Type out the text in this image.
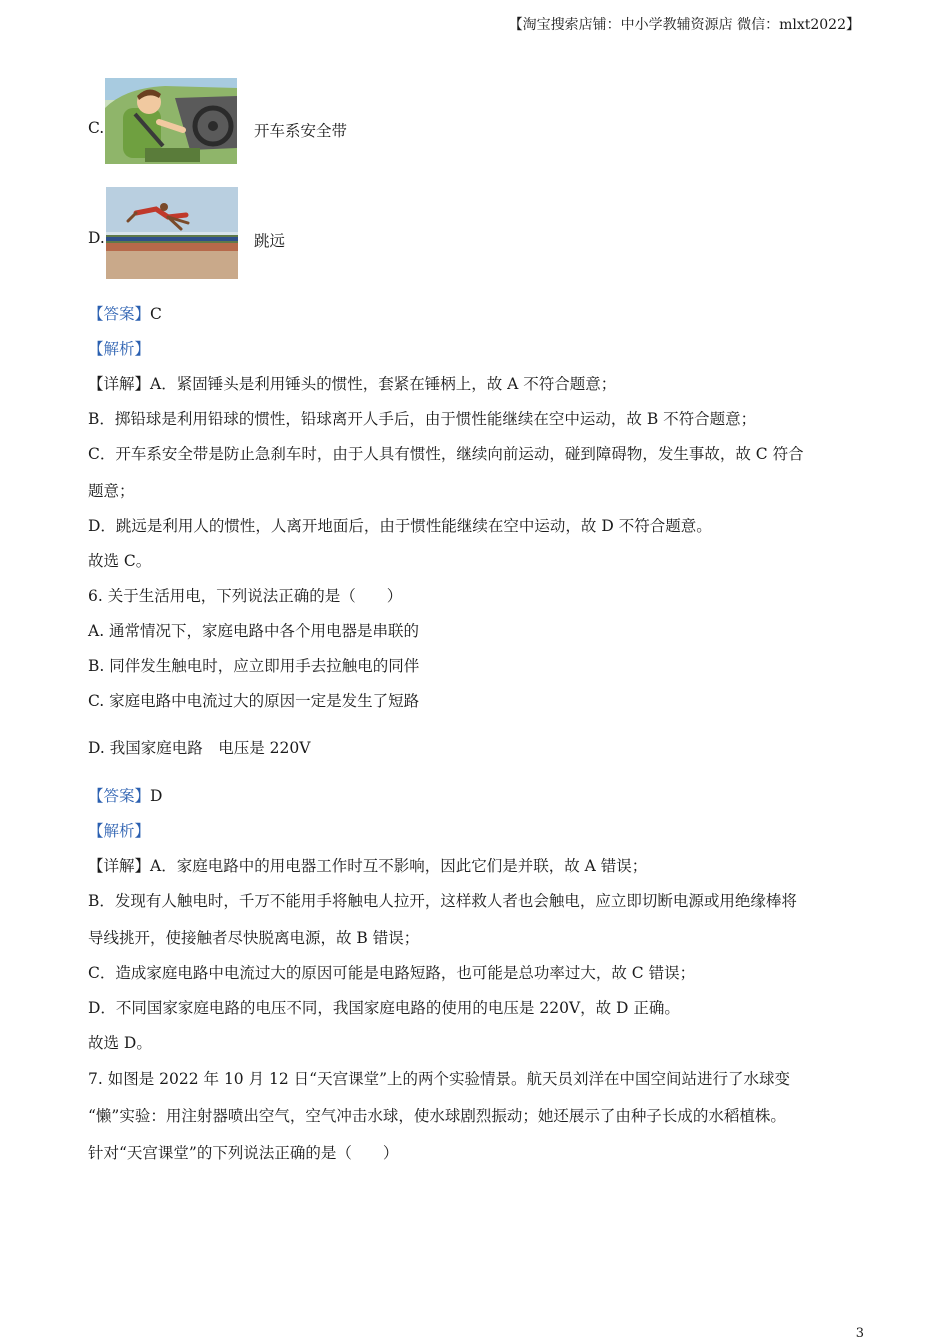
【淘宝搜索店铺：中小学教辅资源店 微信：mlxt2022】
C.	开车系安全带
D.	跳远
【答案】C
【解析】
【详解】A．紧固锤头是利用锤头的惯性，套紧在锤柄上，故 A 不符合题意；
B．掷铅球是利用铅球的惯性，铅球离开人手后，由于惯性能继续在空中运动，故 B 不符合题意；
C．开车系安全带是防止急刹车时，由于人具有惯性，继续向前运动，碰到障碍物，发生事故，故 C 符合
题意；
D．跳远是利用人的惯性，人离开地面后，由于惯性能继续在空中运动，故 D 不符合题意。
故选 C。
6. 关于生活用电，下列说法正确的是（　　）
A. 通常情况下，家庭电路中各个用电器是串联的
B. 同伴发生触电时，应立即用手去拉触电的同伴
C. 家庭电路中电流过大的原因一定是发生了短路
D. 我国家庭电路　电压是 220V
【答案】D
【解析】
【详解】A．家庭电路中的用电器工作时互不影响，因此它们是并联，故 A 错误；
B．发现有人触电时，千万不能用手将触电人拉开，这样救人者也会触电，应立即切断电源或用绝缘棒将
导线挑开，使接触者尽快脱离电源，故 B 错误；
C．造成家庭电路中电流过大的原因可能是电路短路，也可能是总功率过大，故 C 错误；
D．不同国家家庭电路的电压不同，我国家庭电路的使用的电压是 220V，故 D 正确。
故选 D。
7. 如图是 2022 年 10 月 12 日“天宫课堂”上的两个实验情景。航天员刘洋在中国空间站进行了水球变
“懒”实验：用注射器喷出空气，空气冲击水球，使水球剧烈振动；她还展示了由种子长成的水稻植株。
针对“天宫课堂”的下列说法正确的是（　　）
3
